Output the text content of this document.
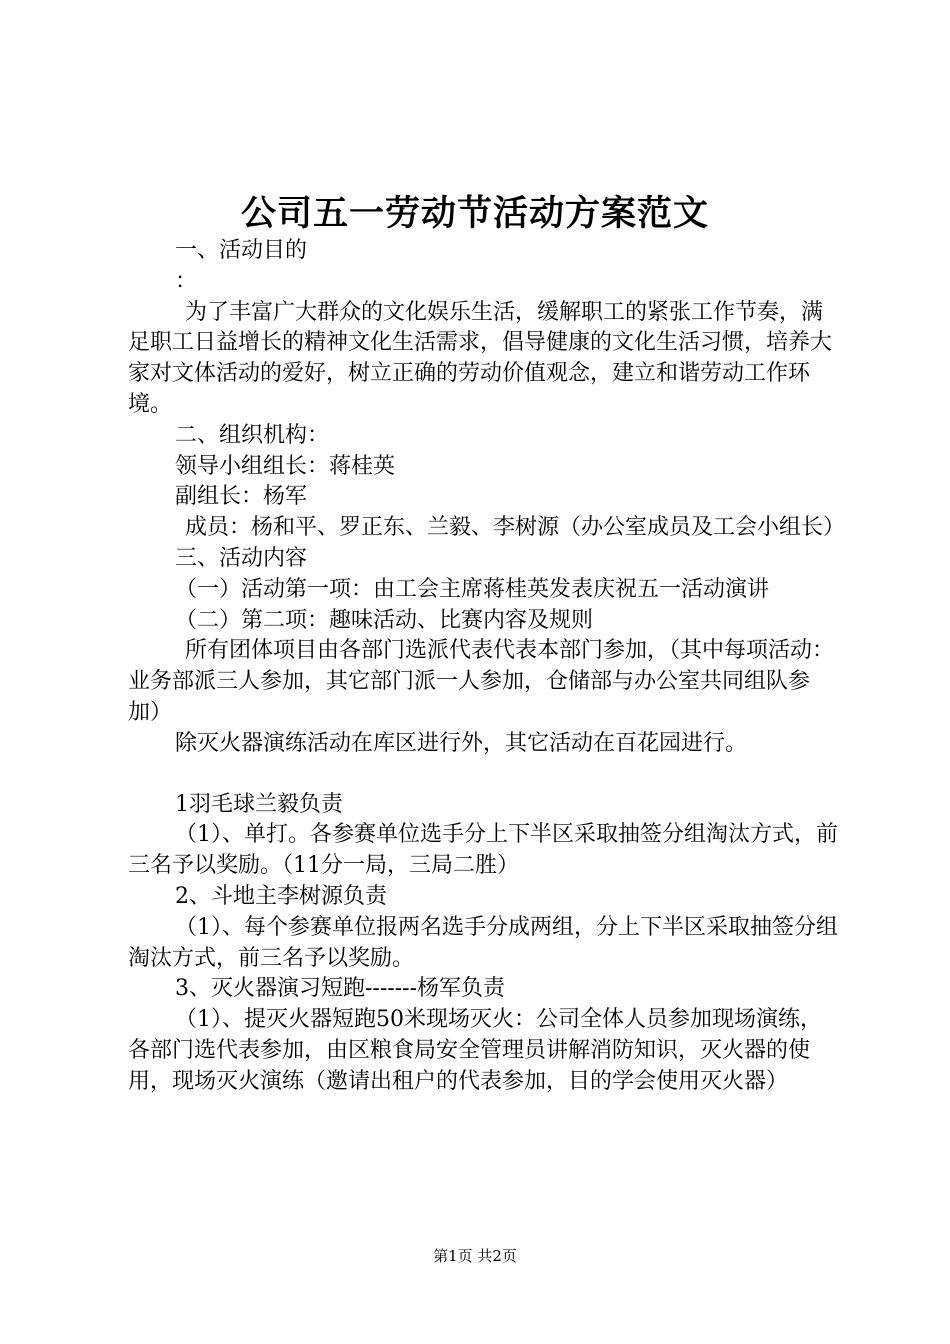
公司五一劳动节活动方案范文

一、活动目的

：

为了丰富广大群众的文化娱乐生活，缓解职工的紧张工作节奏，满足职工日益增长的精神文化生活需求，倡导健康的文化生活习惯，培养大家对文体活动的爱好，树立正确的劳动价值观念，建立和谐劳动工作环境。

二、组织机构：

领导小组组长：蒋桂英

副组长：杨军

成员：杨和平、罗正东、兰毅、李树源（办公室成员及工会小组长）

三、活动内容

（一）活动第一项：由工会主席蒋桂英发表庆祝五一活动演讲

（二）第二项：趣味活动、比赛内容及规则

所有团体项目由各部门选派代表代表本部门参加，（其中每项活动：业务部派三人参加，其它部门派一人参加，仓储部与办公室共同组队参加）

除灭火器演练活动在库区进行外，其它活动在百花园进行。

1羽毛球兰毅负责

（1）、单打。各参赛单位选手分上下半区采取抽签分组淘汰方式，前三名予以奖励。（11分一局，三局二胜）

2、斗地主李树源负责

（1）、每个参赛单位报两名选手分成两组，分上下半区采取抽签分组淘汰方式，前三名予以奖励。

3、灭火器演习短跑-------杨军负责

（1）、提灭火器短跑50米现场灭火：公司全体人员参加现场演练，各部门选代表参加，由区粮食局安全管理员讲解消防知识，灭火器的使用，现场灭火演练（邀请出租户的代表参加，目的学会使用灭火器）

第1页 共2页
